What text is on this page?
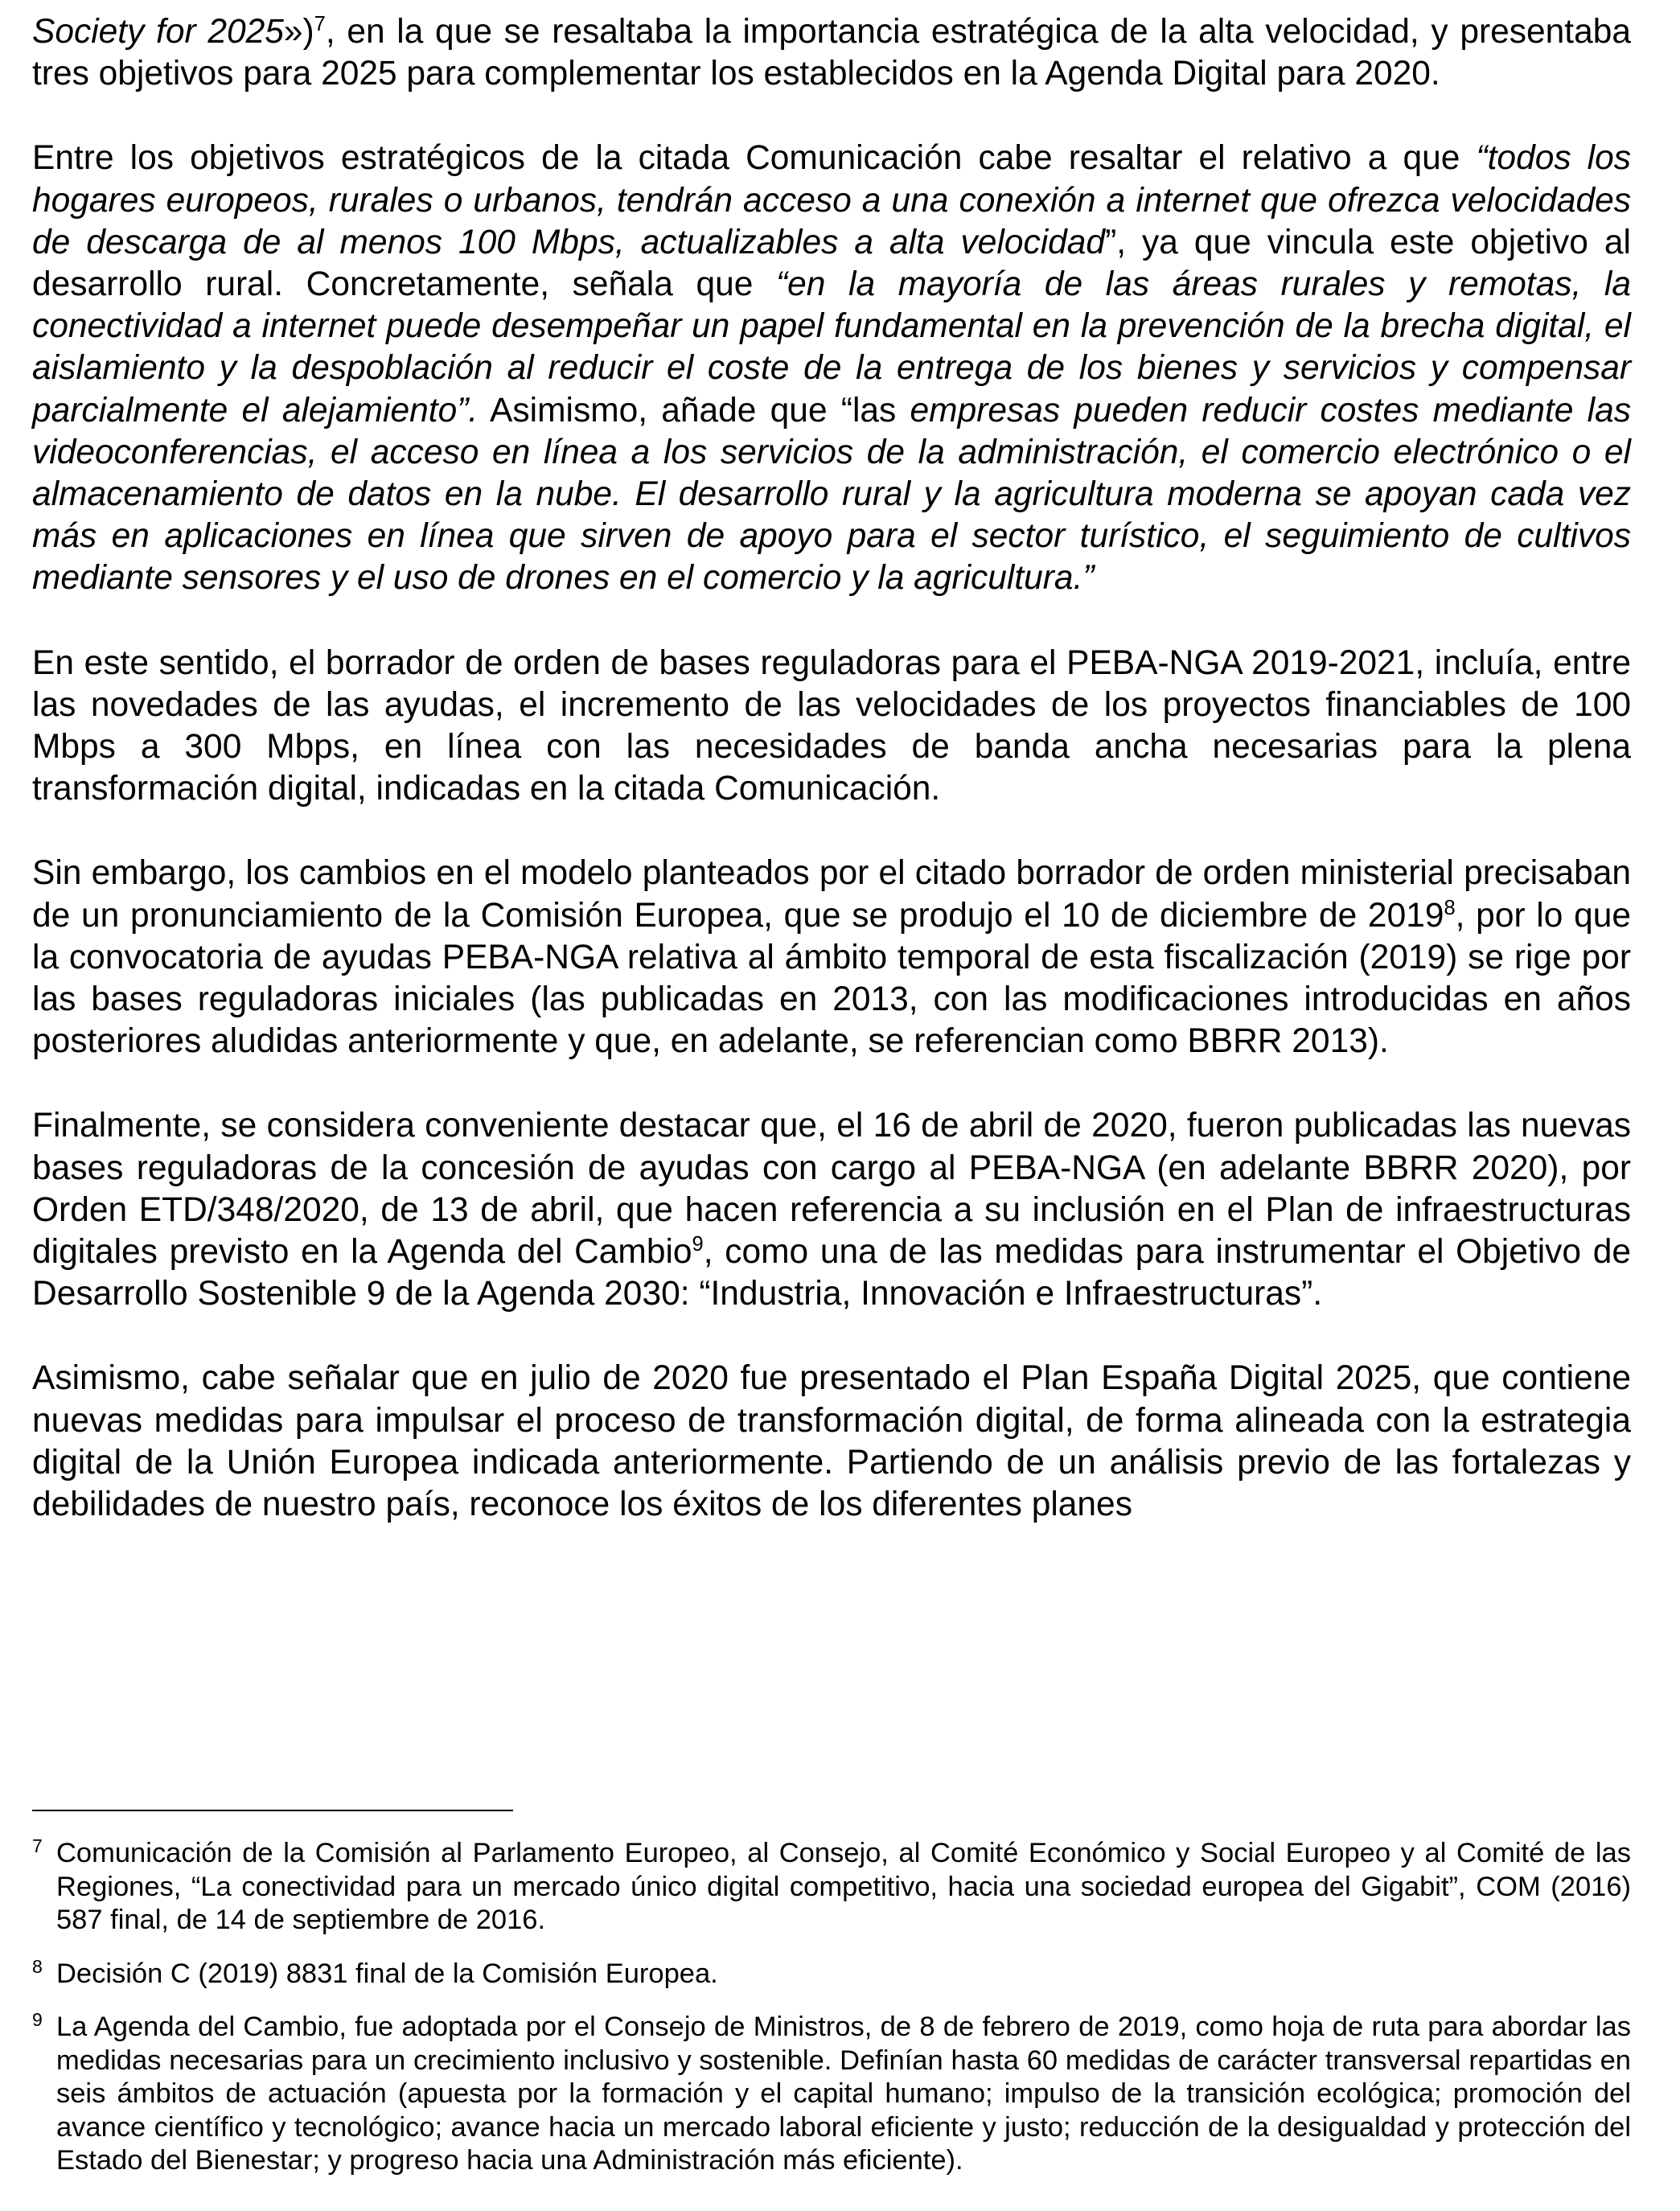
Society for 2025»)$^7$, en la que se resaltaba la importancia estratégica de la alta velocidad, y presentaba tres objetivos para 2025 para complementar los establecidos en la Agenda Digital para 2020.

Entre los objetivos estratégicos de la citada Comunicación cabe resaltar el relativo a que “todos los hogares europeos, rurales o urbanos, tendrán acceso a una conexión a internet que ofrezca velocidades de descarga de al menos 100 Mbps, actualizables a alta velocidad”, ya que vincula este objetivo al desarrollo rural. Concretamente, señala que “en la mayoría de las áreas rurales y remotas, la conectividad a internet puede desempeñar un papel fundamental en la prevención de la brecha digital, el aislamiento y la despoblación al reducir el coste de la entrega de los bienes y servicios y compensar parcialmente el alejamiento”. Asimismo, añade que “las empresas pueden reducir costes mediante las videoconferencias, el acceso en línea a los servicios de la administración, el comercio electrónico o el almacenamiento de datos en la nube. El desarrollo rural y la agricultura moderna se apoyan cada vez más en aplicaciones en línea que sirven de apoyo para el sector turístico, el seguimiento de cultivos mediante sensores y el uso de drones en el comercio y la agricultura.”

En este sentido, el borrador de orden de bases reguladoras para el PEBA-NGA 2019-2021, incluía, entre las novedades de las ayudas, el incremento de las velocidades de los proyectos financiables de 100 Mbps a 300 Mbps, en línea con las necesidades de banda ancha necesarias para la plena transformación digital, indicadas en la citada Comunicación.

Sin embargo, los cambios en el modelo planteados por el citado borrador de orden ministerial precisaban de un pronunciamiento de la Comisión Europea, que se produjo el 10 de diciembre de 2019$^8$, por lo que la convocatoria de ayudas PEBA-NGA relativa al ámbito temporal de esta fiscalización (2019) se rige por las bases reguladoras iniciales (las publicadas en 2013, con las modificaciones introducidas en años posteriores aludidas anteriormente y que, en adelante, se referencian como BBRR 2013).

Finalmente, se considera conveniente destacar que, el 16 de abril de 2020, fueron publicadas las nuevas bases reguladoras de la concesión de ayudas con cargo al PEBA-NGA (en adelante BBRR 2020), por Orden ETD/348/2020, de 13 de abril, que hacen referencia a su inclusión en el Plan de infraestructuras digitales previsto en la Agenda del Cambio$^9$, como una de las medidas para instrumentar el Objetivo de Desarrollo Sostenible 9 de la Agenda 2030: “Industria, Innovación e Infraestructuras”.

Asimismo, cabe señalar que en julio de 2020 fue presentado el Plan España Digital 2025, que contiene nuevas medidas para impulsar el proceso de transformación digital, de forma alineada con la estrategia digital de la Unión Europea indicada anteriormente. Partiendo de un análisis previo de las fortalezas y debilidades de nuestro país, reconoce los éxitos de los diferentes planes

7 Comunicación de la Comisión al Parlamento Europeo, al Consejo, al Comité Económico y Social Europeo y al Comité de las Regiones, “La conectividad para un mercado único digital competitivo, hacia una sociedad europea del Gigabit”, COM (2016) 587 final, de 14 de septiembre de 2016.

8 Decisión C (2019) 8831 final de la Comisión Europea.

9 La Agenda del Cambio, fue adoptada por el Consejo de Ministros, de 8 de febrero de 2019, como hoja de ruta para abordar las medidas necesarias para un crecimiento inclusivo y sostenible. Definían hasta 60 medidas de carácter transversal repartidas en seis ámbitos de actuación (apuesta por la formación y el capital humano; impulso de la transición ecológica; promoción del avance científico y tecnológico; avance hacia un mercado laboral eficiente y justo; reducción de la desigualdad y protección del Estado del Bienestar; y progreso hacia una Administración más eficiente).
